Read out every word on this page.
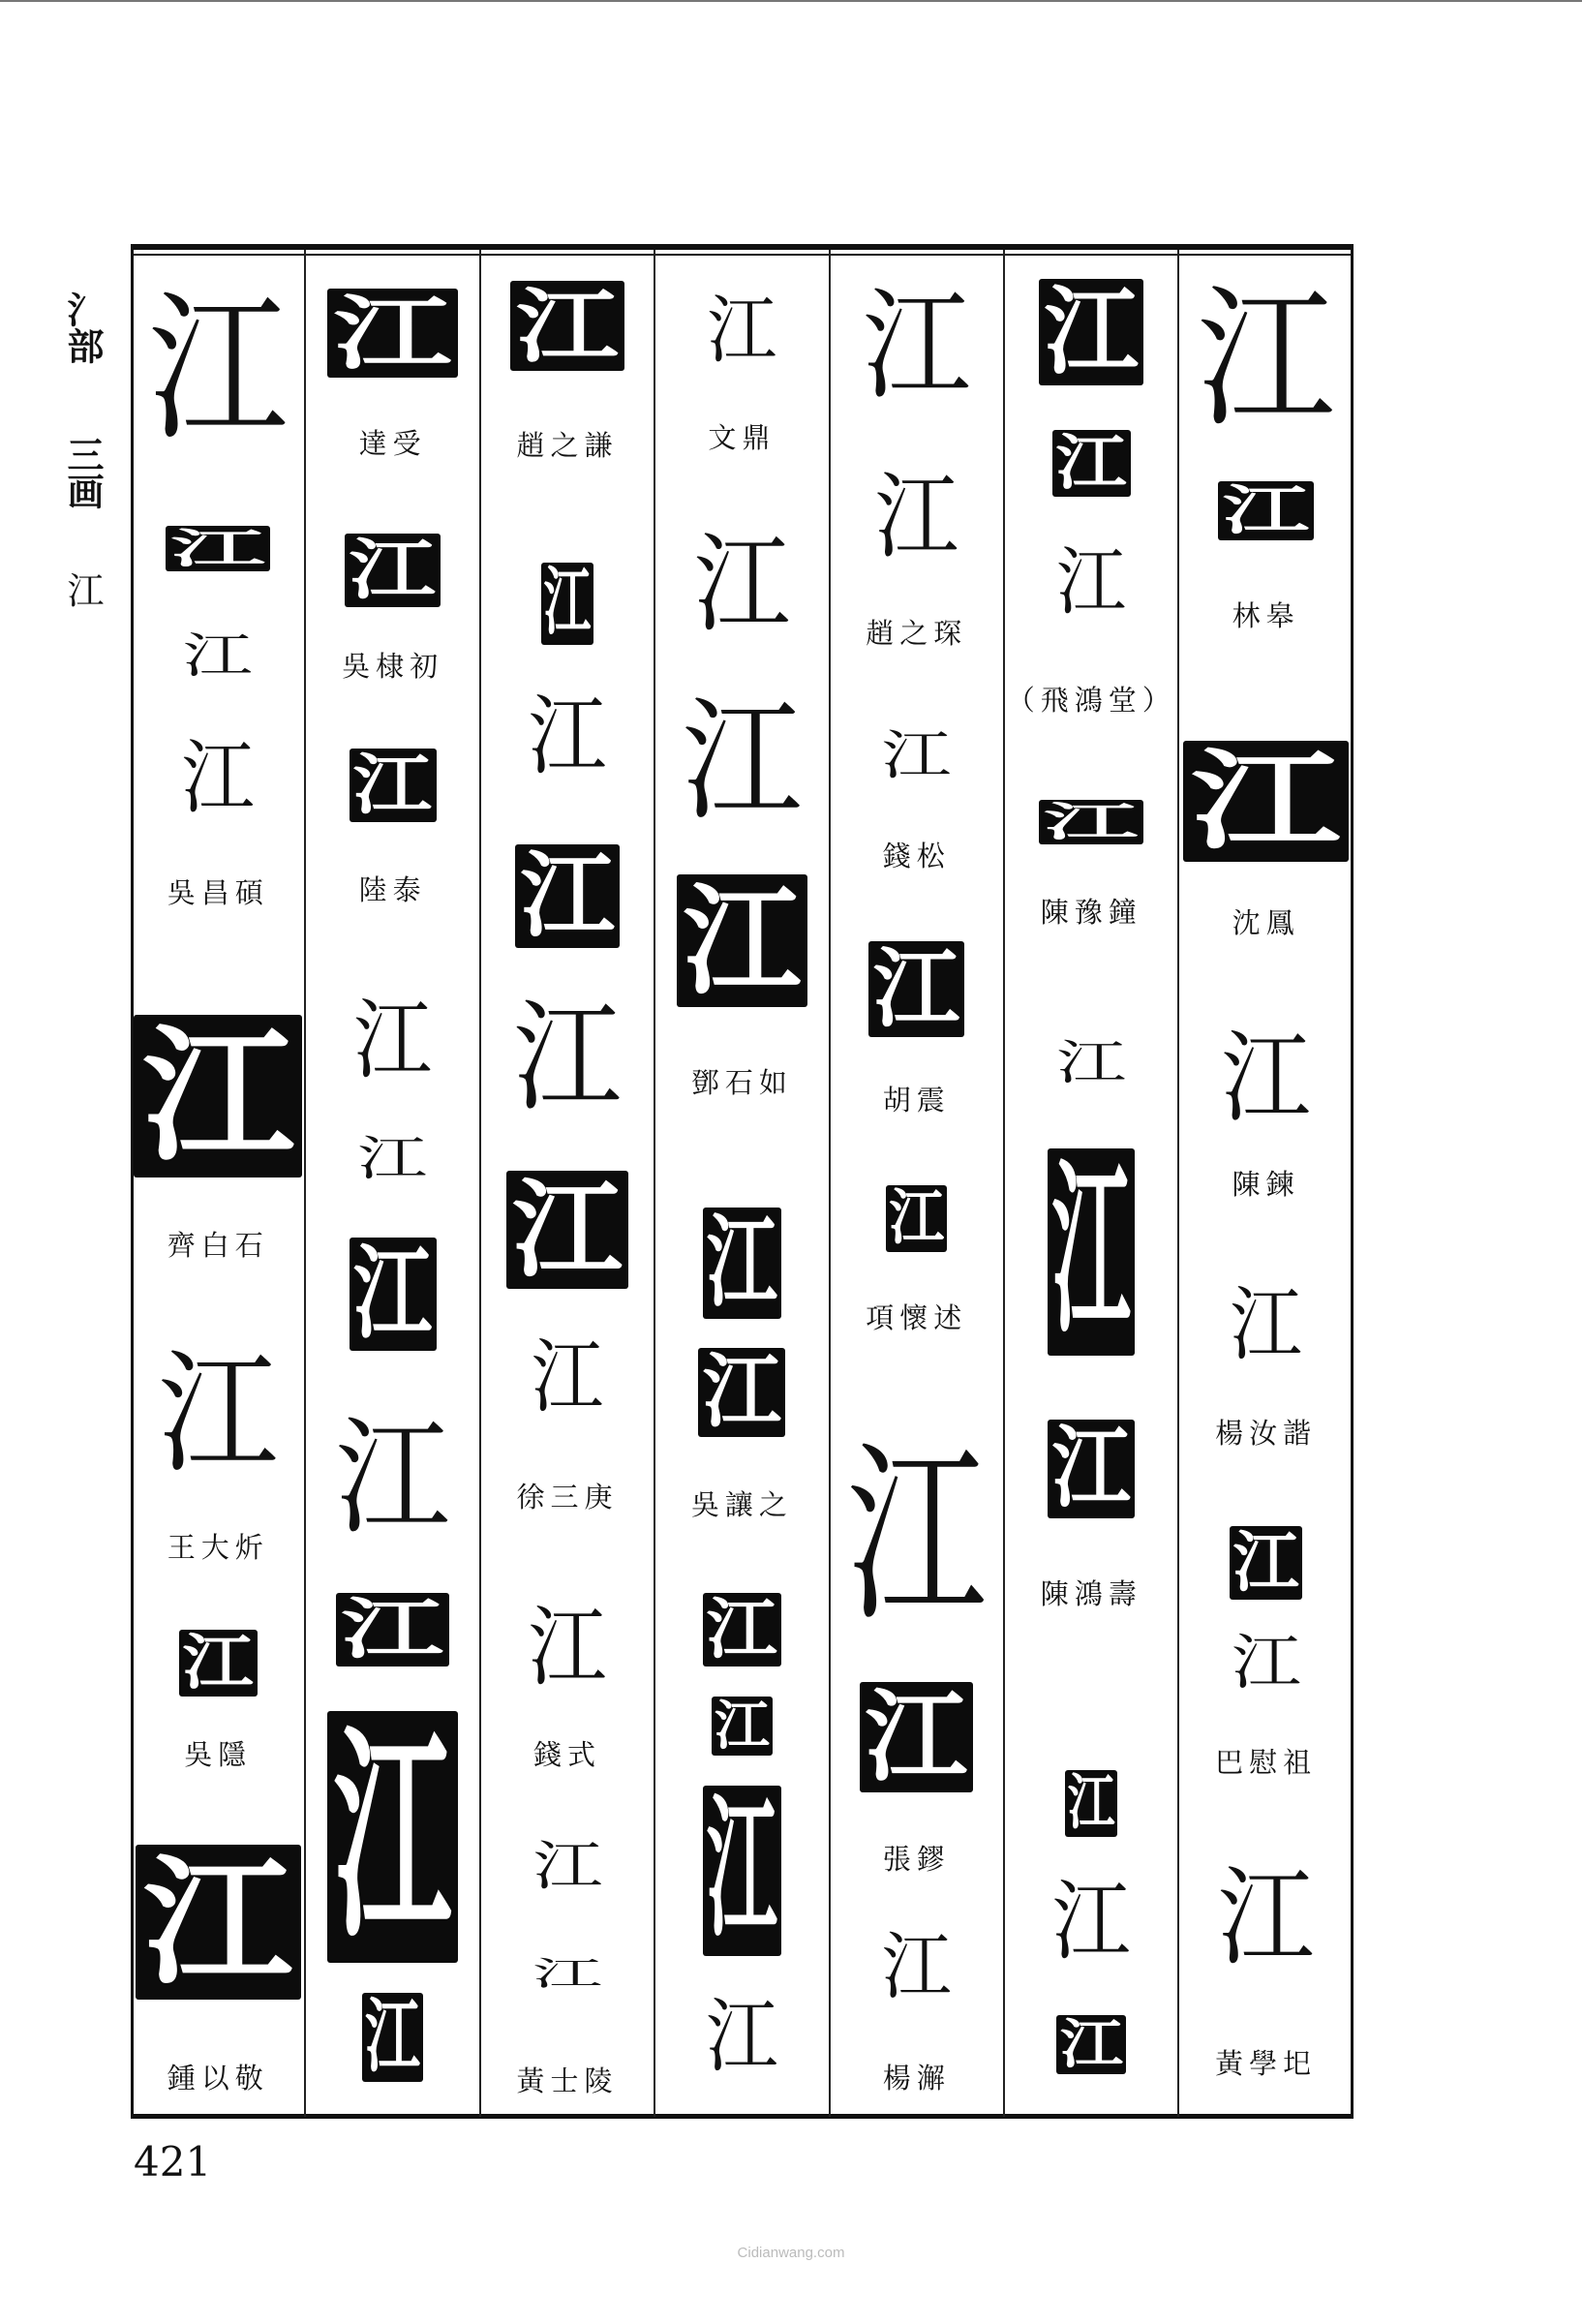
氵部
三画
江
江
江
江
江
吳昌碩
江
齊白石
江
王大炘
江
吳隱
江
鍾以敬
江
達受
江
吳棣初
江
陸泰
江
江
江
江
江
江
江
江
趙之謙
江
江
江
江
江
江
徐三庚
江
錢式
江
江
黃士陵
江
文鼎
江
江
江
鄧石如
江
江
吳讓之
江
江
江
江
江
江
趙之琛
江
錢松
江
胡震
江
項懷述
江
江
張鏐
江
楊澥
江
江
江
（飛鴻堂）
江
陳豫鐘
江
江
江
陳鴻壽
江
江
江
江
江
林皋
江
沈鳳
江
陳鍊
江
楊汝諧
江
江
巴慰祖
江
黃學圯
421
Cidianwang.com
